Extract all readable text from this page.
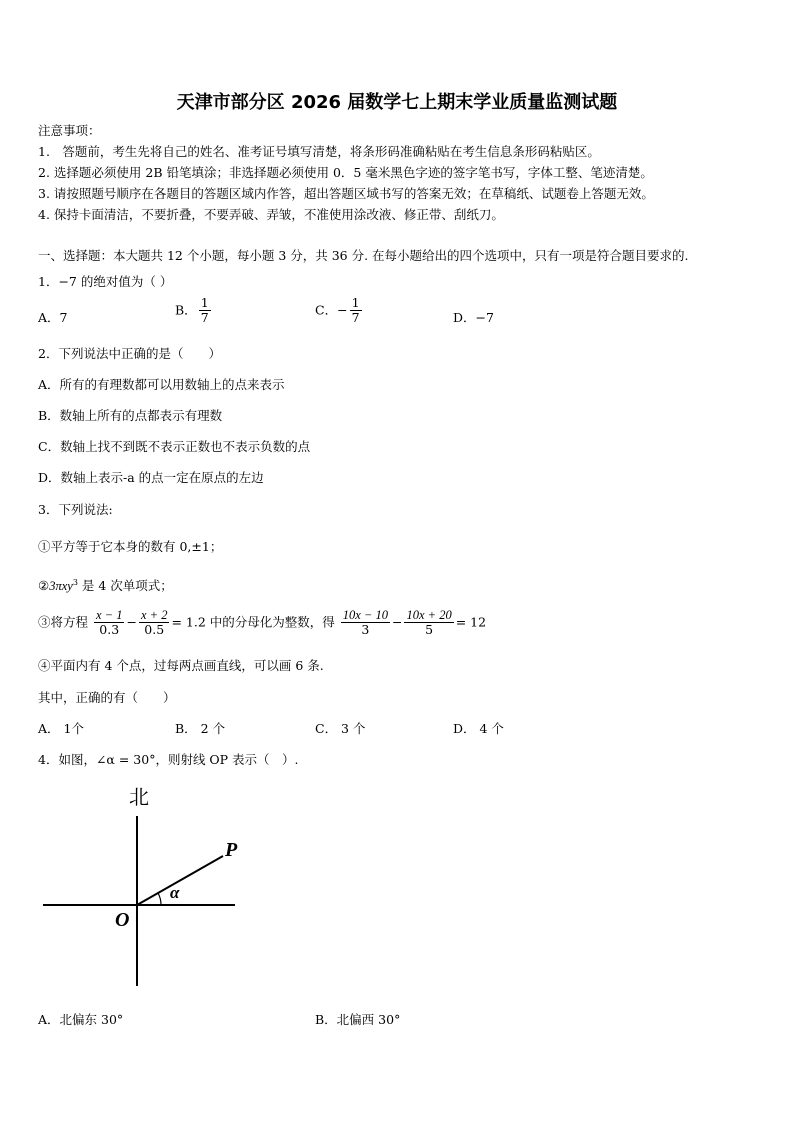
天津市部分区 2026 届数学七上期末学业质量监测试题
注意事项：
1.　答题前，考生先将自己的姓名、准考证号填写清楚，将条形码准确粘贴在考生信息条形码粘贴区。
2. 选择题必须使用 2B 铅笔填涂；非选择题必须使用 0．5 毫米黑色字迹的签字笔书写，字体工整、笔迹清楚。
3. 请按照题号顺序在各题目的答题区域内作答，超出答题区域书写的答案无效；在草稿纸、试题卷上答题无效。
4. 保持卡面清洁，不要折叠，不要弄破、弄皱，不准使用涂改液、修正带、刮纸刀。
一、选择题：本大题共 12 个小题，每小题 3 分，共 36 分. 在每小题给出的四个选项中，只有一项是符合题目要求的.
1．−7 的绝对值为（ ）
A．7
B． $\frac{1}{7}$	C．− $\frac{1}{7}$	D．−7
2．下列说法中正确的是（　　）
A．所有的有理数都可以用数轴上的点来表示
B．数轴上所有的点都表示有理数
C．数轴上找不到既不表示正数也不表示负数的点
D．数轴上表示-a 的点一定在原点的左边
3．下列说法:
①平方等于它本身的数有 0,±1；
②3πxy$^3$ 是 4 次单项式；
③将方程 $\frac{x - 1}{0.3} - \frac{x + 2}{0.5} = 1.2$ 中的分母化为整数，得 $\frac{10x - 10}{3} - \frac{10x + 20}{5} = 12$
④平面内有 4 个点，过每两点画直线，可以画 6 条.
其中，正确的有（　　）
A． 1个	B． 2 个	C． 3 个	D． 4 个
4．如图，∠α = 30°，则射线 OP 表示（　）.
北
P
O
α
A．北偏东 30°	B．北偏西 30°
